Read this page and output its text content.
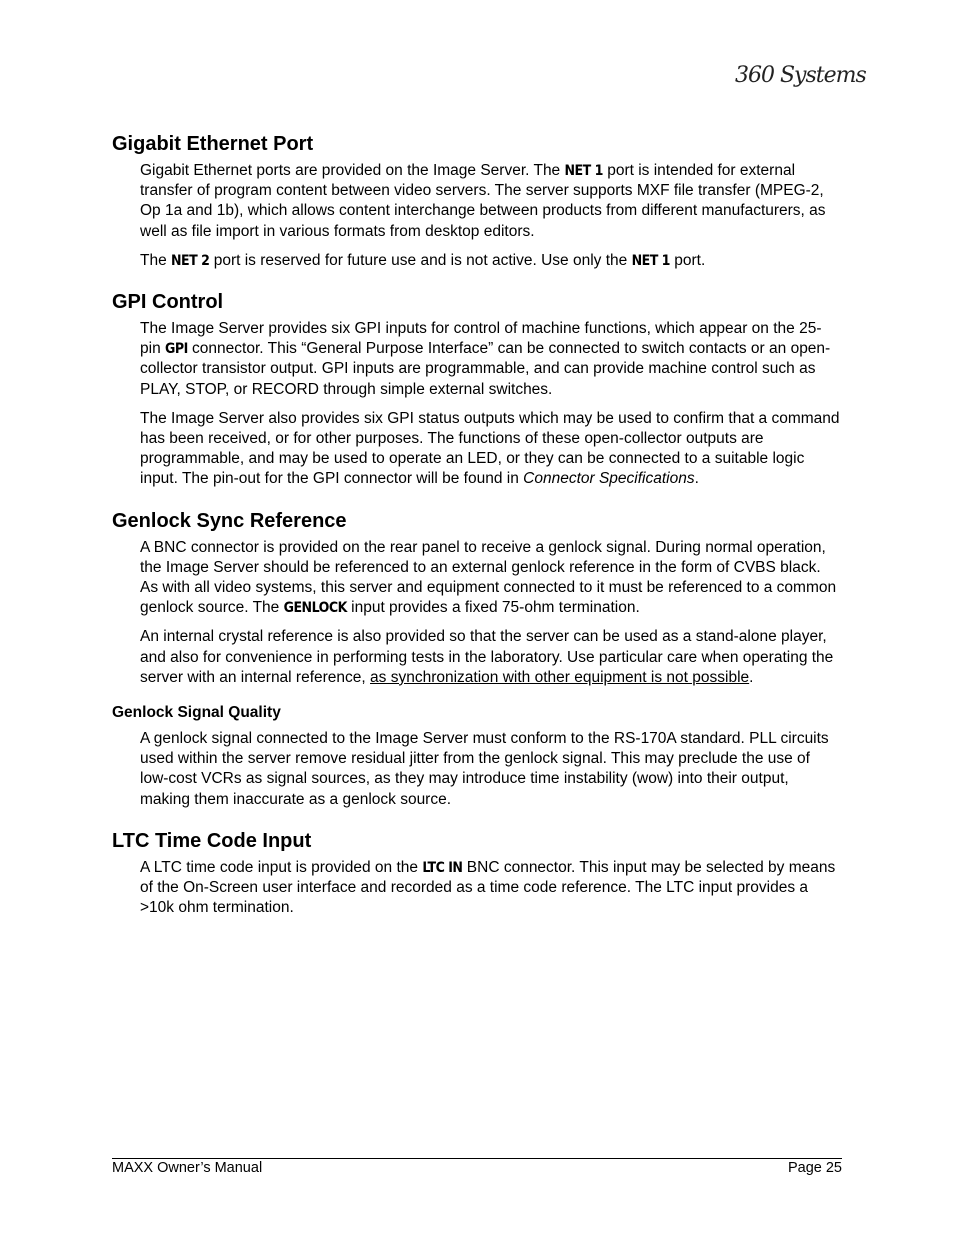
360 Systems
Gigabit Ethernet Port

Gigabit Ethernet ports are provided on the Image Server. The NET 1 port is intended for external transfer of program content between video servers. The server supports MXF file transfer (MPEG-2, Op 1a and 1b), which allows content interchange between products from different manufacturers, as well as file import in various formats from desktop editors.

The NET 2 port is reserved for future use and is not active. Use only the NET 1 port.

GPI Control

The Image Server provides six GPI inputs for control of machine functions, which appear on the 25-pin GPI connector. This “General Purpose Interface” can be connected to switch contacts or an open-collector transistor output. GPI inputs are programmable, and can provide machine control such as PLAY, STOP, or RECORD through simple external switches.

The Image Server also provides six GPI status outputs which may be used to confirm that a command has been received, or for other purposes. The functions of these open-collector outputs are programmable, and may be used to operate an LED, or they can be connected to a suitable logic input. The pin-out for the GPI connector will be found in Connector Specifications.

Genlock Sync Reference

A BNC connector is provided on the rear panel to receive a genlock signal. During normal operation, the Image Server should be referenced to an external genlock reference in the form of CVBS black. As with all video systems, this server and equipment connected to it must be referenced to a common genlock source. The GENLOCK input provides a fixed 75-ohm termination.

An internal crystal reference is also provided so that the server can be used as a stand-alone player, and also for convenience in performing tests in the laboratory. Use particular care when operating the server with an internal reference, as synchronization with other equipment is not possible.

Genlock Signal Quality

A genlock signal connected to the Image Server must conform to the RS-170A standard. PLL circuits used within the server remove residual jitter from the genlock signal. This may preclude the use of low-cost VCRs as signal sources, as they may introduce time instability (wow) into their output, making them inaccurate as a genlock source.

LTC Time Code Input

A LTC time code input is provided on the LTC IN BNC connector. This input may be selected by means of the On-Screen user interface and recorded as a time code reference. The LTC input provides a >10k ohm termination.

MAXX Owner’s Manual	Page 25
